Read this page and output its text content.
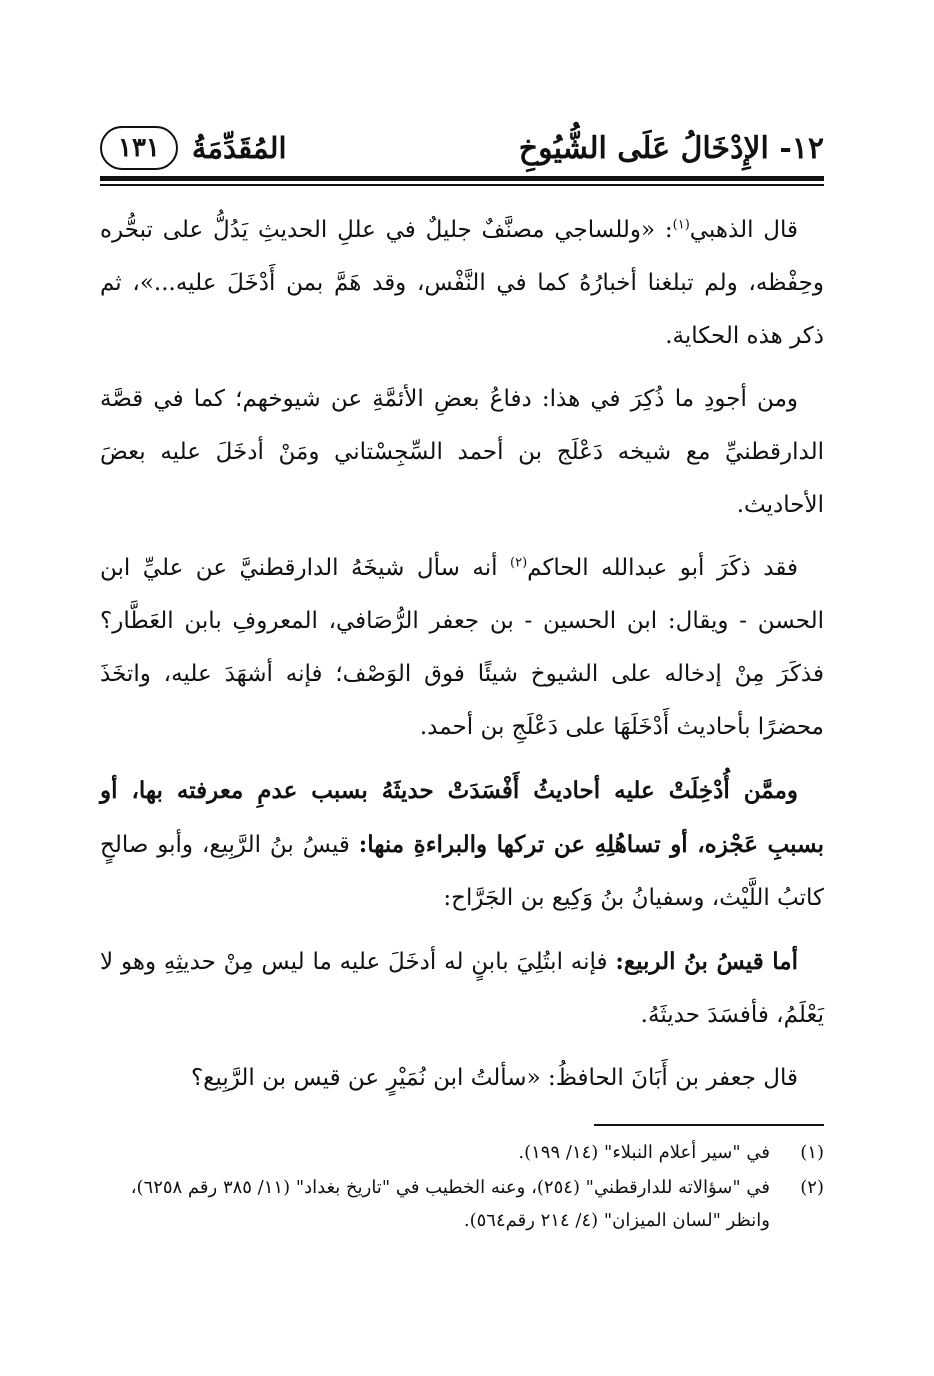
١٢- الإِدْخَالُ عَلَى الشُّيُوخِ
المُقَدِّمَةُ
١٣١

قال الذهبي$^{(١)}$: «وللساجي مصنَّفٌ جليلٌ في عللِ الحديثِ يَدُلُّ على تبحُّره وحِفْظه، ولم تبلغنا أخبارُهُ كما في النَّفْس، وقد هَمَّ بمن أَدْخَلَ عليه...»، ثم ذكر هذه الحكاية.

ومن أجودِ ما ذُكِرَ في هذا: دفاعُ بعضِ الأئمَّةِ عن شيوخهم؛ كما في قصَّة الدارقطنيِّ مع شيخه دَعْلَج بن أحمد السِّجِسْتاني ومَنْ أدخَلَ عليه بعضَ الأحاديث.

فقد ذكَرَ أبو عبدالله الحاكم$^{(٢)}$ أنه سأل شيخَهُ الدارقطنيَّ عن عليِّ ابن الحسن - ويقال: ابن الحسين - بن جعفر الرُّصَافي، المعروفِ بابن العَطَّار؟ فذكَرَ مِنْ إدخاله على الشيوخ شيئًا فوق الوَصْف؛ فإنه أشهَدَ عليه، واتخَذَ محضرًا بأحاديث أَدْخَلَهَا على دَعْلَجِ بن أحمد.

وممَّن أُدْخِلَتْ عليه أحاديثُ أَفْسَدَتْ حديثَهُ بسبب عدمِ معرفته بها، أو بسببِ عَجْزه، أو تساهُلِهِ عن تركها والبراءةِ منها: قيسُ بنُ الرَّبِيع، وأبو صالحٍ كاتبُ اللَّيْث، وسفيانُ بنُ وَكِيع بن الجَرَّاح:

أما قيسُ بنُ الربيع: فإنه ابتُلِيَ بابنٍ له أدخَلَ عليه ما ليس مِنْ حديثِهِ وهو لا يَعْلَمُ، فأفسَدَ حديثَهُ.

قال جعفر بن أَبَانَ الحافظُ: «سألتُ ابن نُمَيْرٍ عن قيس بن الرَّبِيع؟

(١)
في "سير أعلام النبلاء" (١٤/ ١٩٩).
(٢)
في "سؤالاته للدارقطني" (٢٥٤)، وعنه الخطيب في "تاريخ بغداد" (١١/ ٣٨٥ رقم ٦٢٥٨)، وانظر "لسان الميزان" (٤/ ٢١٤ رقم٥٦٤).
